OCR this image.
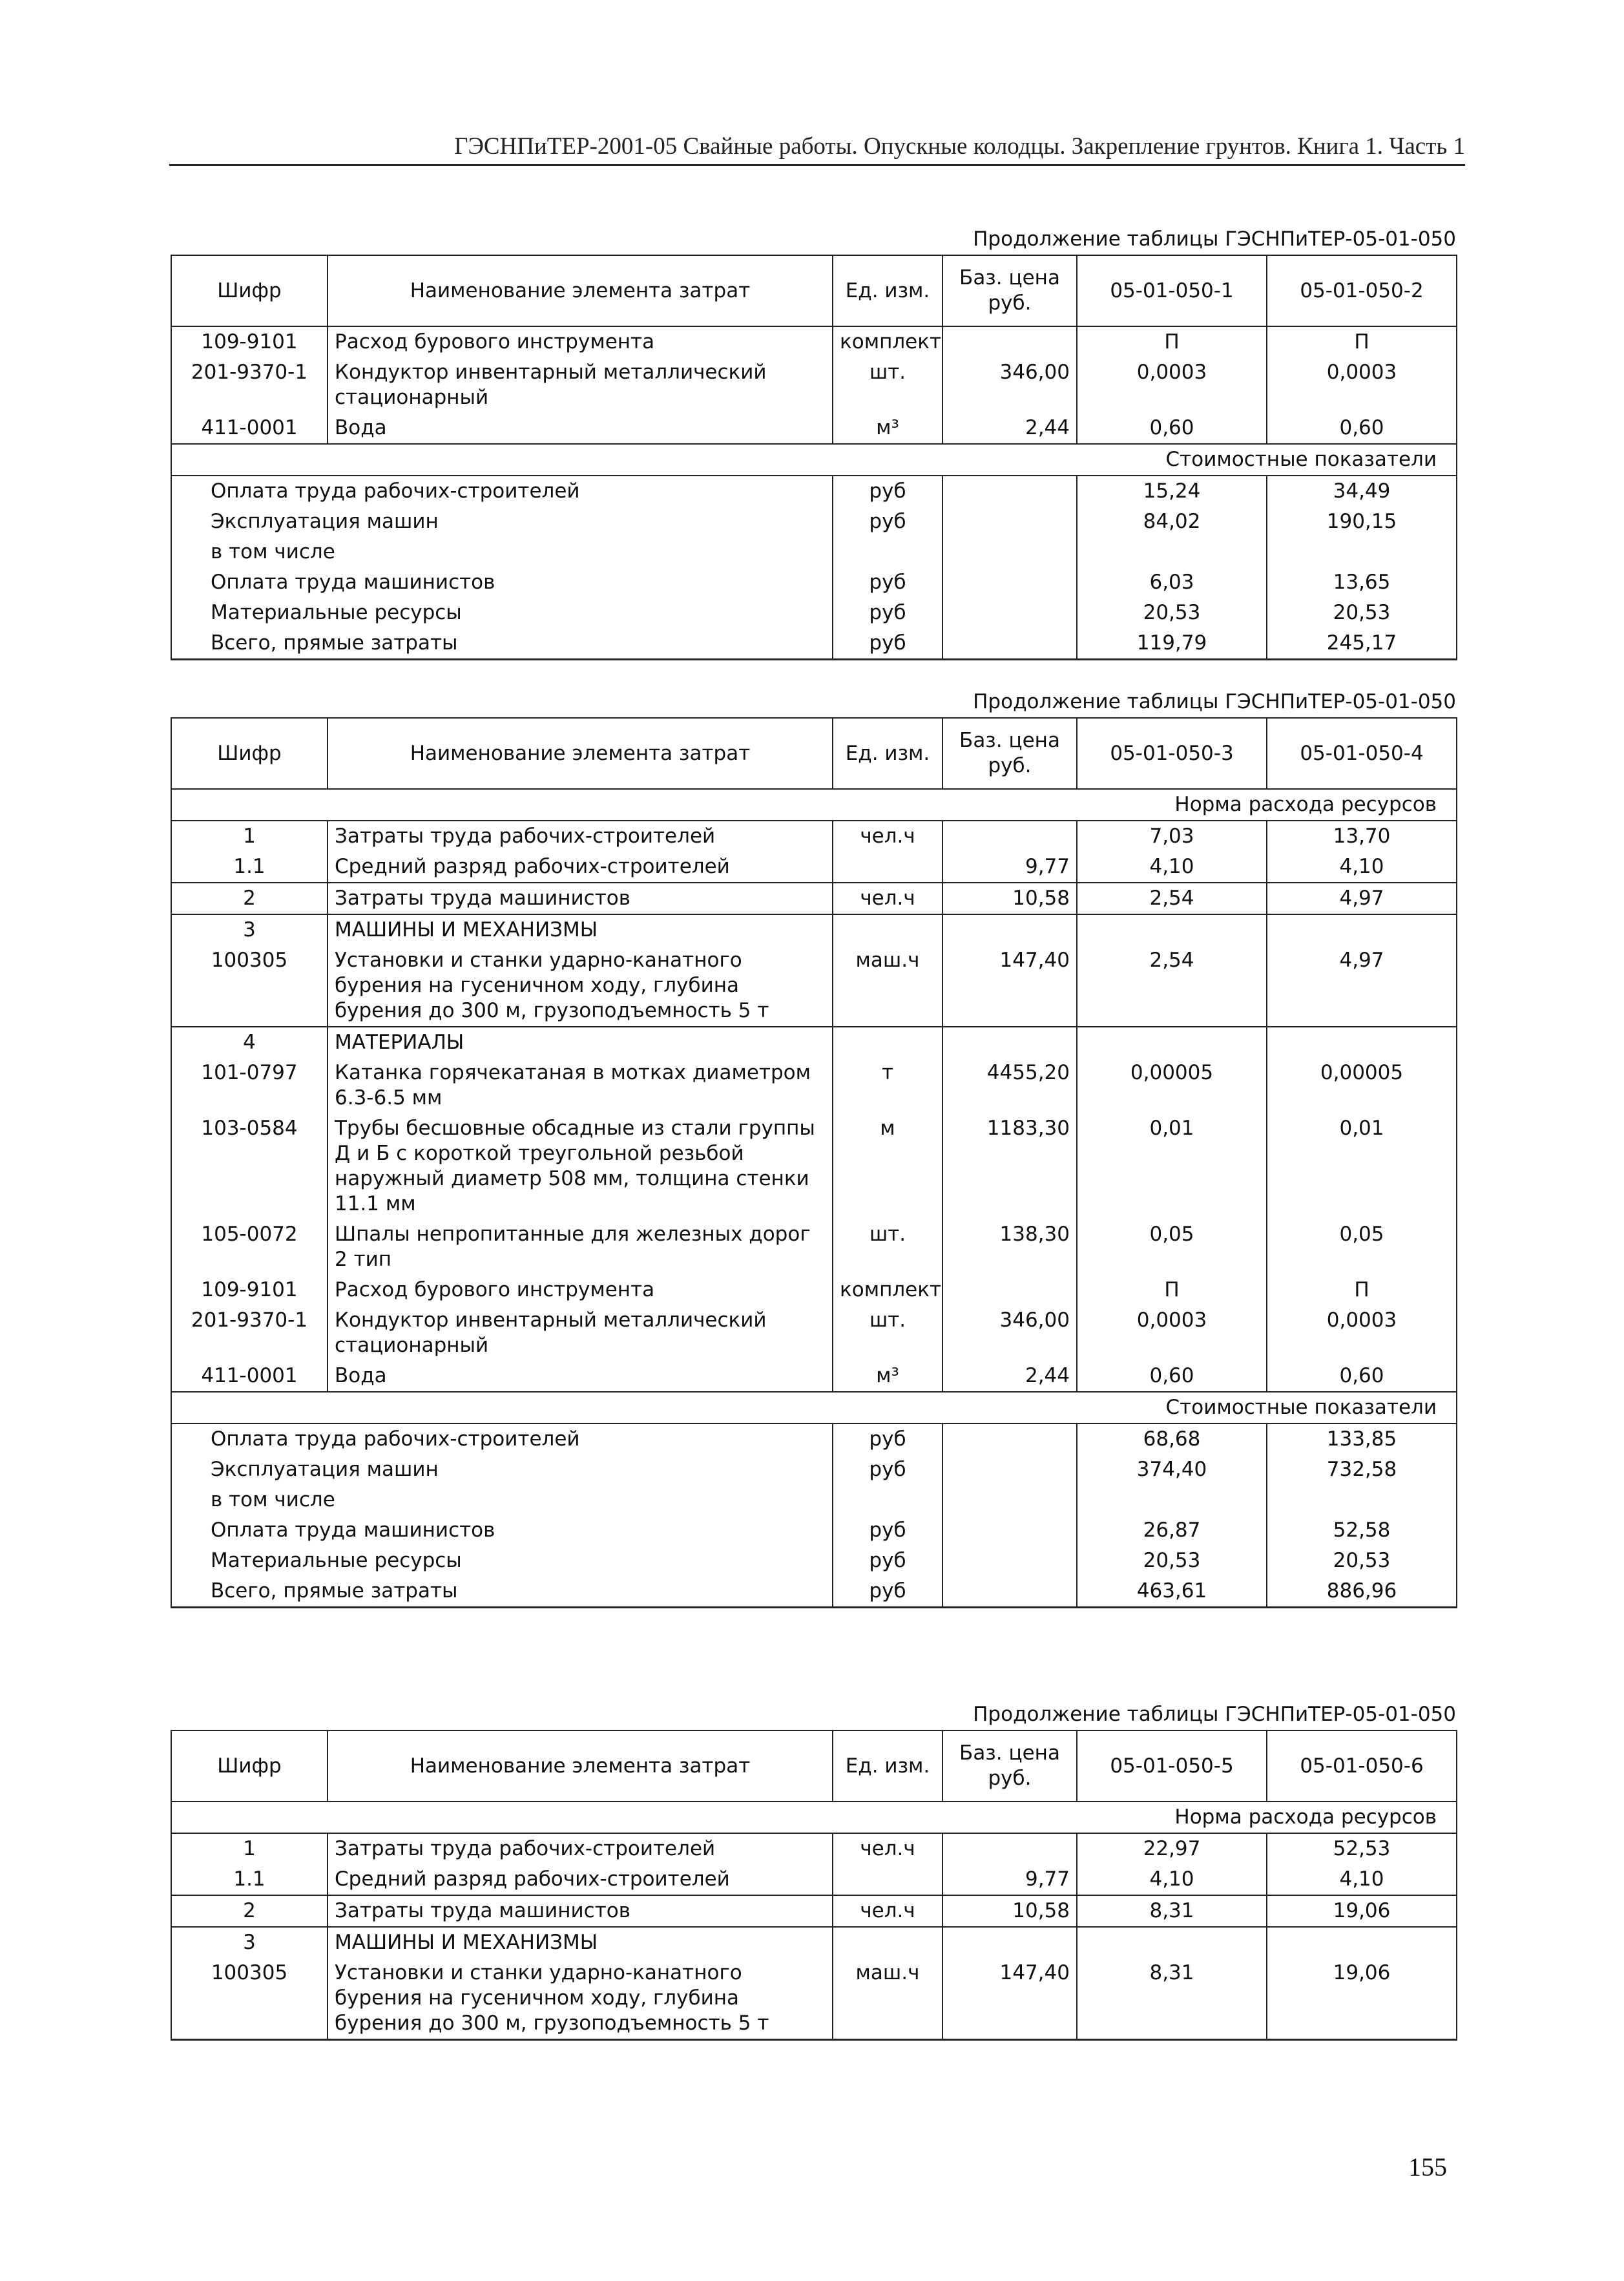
ГЭСНПиТЕР-2001-05 Свайные работы. Опускные колодцы. Закрепление грунтов. Книга 1. Часть 1
Продолжение таблицы ГЭСНПиТЕР-05-01-050
Шифр	Наименование элемента затрат	Ед. изм.	Баз. цена руб.	05-01-050-1	05-01-050-2
109-9101	Расход бурового инструмента	комплект		П	П
201-9370-1	Кондуктор инвентарный металлический стационарный	шт.	346,00	0,0003	0,0003
411-0001	Вода	м³	2,44	0,60	0,60
Стоимостные показатели					
Оплата труда рабочих-строителей		руб		15,24	34,49
Эксплуатация машин		руб		84,02	190,15
в том числе					
Оплата труда машинистов		руб		6,03	13,65
Материальные ресурсы		руб		20,53	20,53
Всего, прямые затраты		руб		119,79	245,17
Продолжение таблицы ГЭСНПиТЕР-05-01-050
Шифр	Наименование элемента затрат	Ед. изм.	Баз. цена руб.	05-01-050-3	05-01-050-4
Норма расхода ресурсов					
1	Затраты труда рабочих-строителей	чел.ч		7,03	13,70
1.1	Средний разряд рабочих-строителей		9,77	4,10	4,10
2	Затраты труда машинистов	чел.ч	10,58	2,54	4,97
3	МАШИНЫ И МЕХАНИЗМЫ				
100305	Установки и станки ударно-канатного бурения на гусеничном ходу, глубина бурения до 300 м, грузоподъемность 5 т	маш.ч	147,40	2,54	4,97
4	МАТЕРИАЛЫ				
101-0797	Катанка горячекатаная в мотках диаметром 6.3-6.5 мм	т	4455,20	0,00005	0,00005
103-0584	Трубы бесшовные обсадные из стали группы Д и Б с короткой треугольной резьбой наружный диаметр 508 мм, толщина стенки 11.1 мм	м	1183,30	0,01	0,01
105-0072	Шпалы непропитанные для железных дорог 2 тип	шт.	138,30	0,05	0,05
109-9101	Расход бурового инструмента	комплект		П	П
201-9370-1	Кондуктор инвентарный металлический стационарный	шт.	346,00	0,0003	0,0003
411-0001	Вода	м³	2,44	0,60	0,60
Стоимостные показатели					
Оплата труда рабочих-строителей		руб		68,68	133,85
Эксплуатация машин		руб		374,40	732,58
в том числе					
Оплата труда машинистов		руб		26,87	52,58
Материальные ресурсы		руб		20,53	20,53
Всего, прямые затраты		руб		463,61	886,96
Продолжение таблицы ГЭСНПиТЕР-05-01-050
Шифр	Наименование элемента затрат	Ед. изм.	Баз. цена руб.	05-01-050-5	05-01-050-6
Норма расхода ресурсов					
1	Затраты труда рабочих-строителей	чел.ч		22,97	52,53
1.1	Средний разряд рабочих-строителей		9,77	4,10	4,10
2	Затраты труда машинистов	чел.ч	10,58	8,31	19,06
3	МАШИНЫ И МЕХАНИЗМЫ				
100305	Установки и станки ударно-канатного бурения на гусеничном ходу, глубина бурения до 300 м, грузоподъемность 5 т	маш.ч	147,40	8,31	19,06
155
